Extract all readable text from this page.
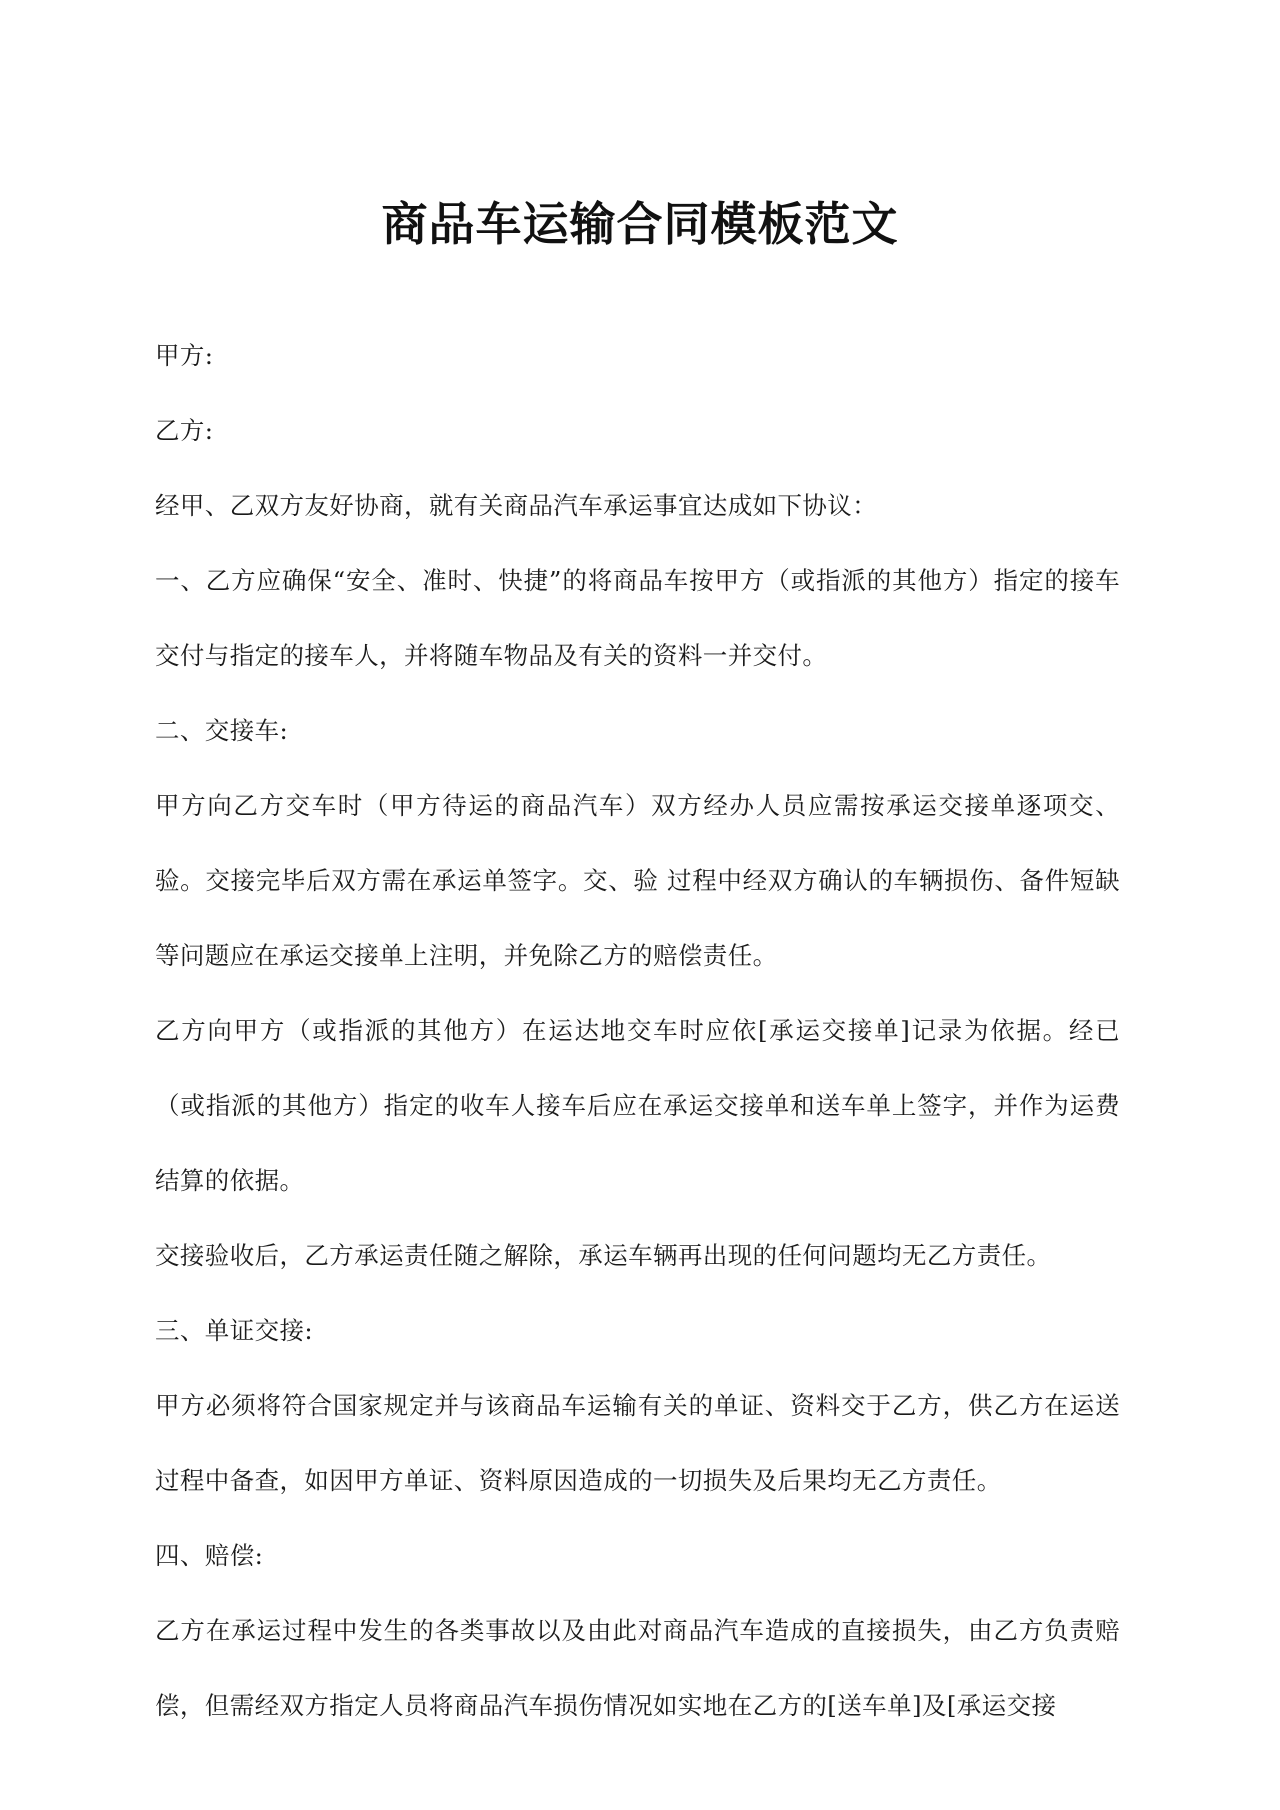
商品车运输合同模板范文

甲方:

乙方:

经甲、乙双方友好协商，就有关商品汽车承运事宜达成如下协议：

一、乙方应确保“安全、准时、快捷”的将商品车按甲方（或指派的其他方）指定的接车交付与指定的接车人，并将随车物品及有关的资料一并交付。

二、交接车:

甲方向乙方交车时（甲方待运的商品汽车）双方经办人员应需按承运交接单逐项交、验。交接完毕后双方需在承运单签字。交、验 过程中经双方确认的车辆损伤、备件短缺等问题应在承运交接单上注明，并免除乙方的赔偿责任。

乙方向甲方（或指派的其他方）在运达地交车时应依[承运交接单]记录为依据。经已（或指派的其他方）指定的收车人接车后应在承运交接单和送车单上签字，并作为运费结算的依据。

交接验收后，乙方承运责任随之解除，承运车辆再出现的任何问题均无乙方责任。

三、单证交接:

甲方必须将符合国家规定并与该商品车运输有关的单证、资料交于乙方，供乙方在运送过程中备查，如因甲方单证、资料原因造成的一切损失及后果均无乙方责任。

四、赔偿:

乙方在承运过程中发生的各类事故以及由此对商品汽车造成的直接损失，由乙方负责赔偿，但需经双方指定人员将商品汽车损伤情况如实地在乙方的[送车单]及[承运交接
